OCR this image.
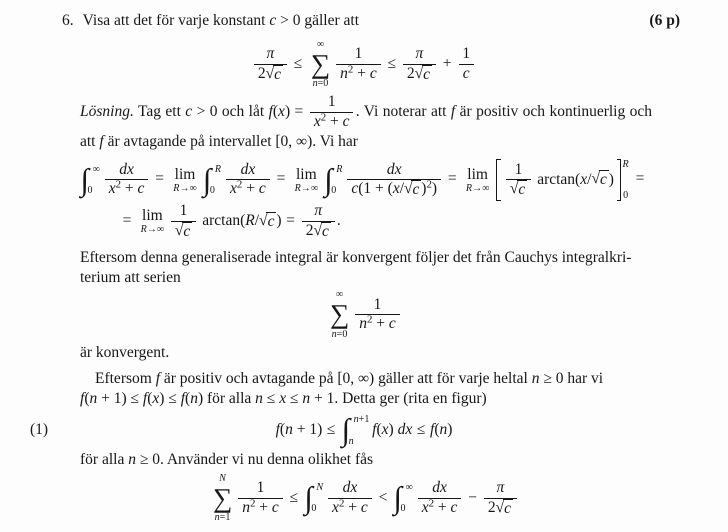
6. Visa att det för varje konstant c > 0 gäller att	(6 p)
$\frac{\pi}{2 √ c}$ ≤
∞
∑
$n=0 \frac{1}{n^2 + c} \le \frac{\pi}{2 √ c} + \frac{1}{c}$

Lösning. Tag ett c > 0 och låt $f(x) = \frac{1}{x^2 + c}$ . Vi noterar att f är positiv och kontinuerlig och att f är avtagande på intervallet [0, ∞). Vi har

∫ ∞
$0 \frac{dx}{x^2 + c} = \lim$
R→∞ ∫ R
$0 \frac{dx}{x^2 + c} = \lim$
R→∞ ∫ R
$0 \frac{dx}{c(1 + (x/ √ c )^2)} = \lim$
$R\to\infty \frac{1}{√ c} \arctan(x/$ √ c )
R
0
=
= lim
$R\to\infty \frac{1}{√ c} \arctan(R/$ √ c ) = $\frac{\pi}{2 √ c}$ .

Eftersom denna generaliserade integral är konvergent följer det från Cauchys integralkri-

terium att serien

∞
∑
$n=0 \frac{1}{n^2 + c}$

är konvergent.

Eftersom f är positiv och avtagande på [0, ∞) gäller att för varje heltal n ≥ 0 har vi

f(n + 1) ≤ f(x) ≤ f(n) för alla n ≤ x ≤ n + 1. Detta ger (rita en figur)

(1)	f(n + 1) ≤ ∫ n+1
n
f(x) dx ≤ f(n)

för alla n ≥ 0. Använder vi nu denna olikhet fås

N
∑
$n=1 \frac{1}{n^2 + c}$ ≤ ∫ N
$0 \frac{dx}{x^2 + c}$ < ∫ ∞
$0 \frac{dx}{x^2 + c} - \frac{\pi}{2 √ c}$
